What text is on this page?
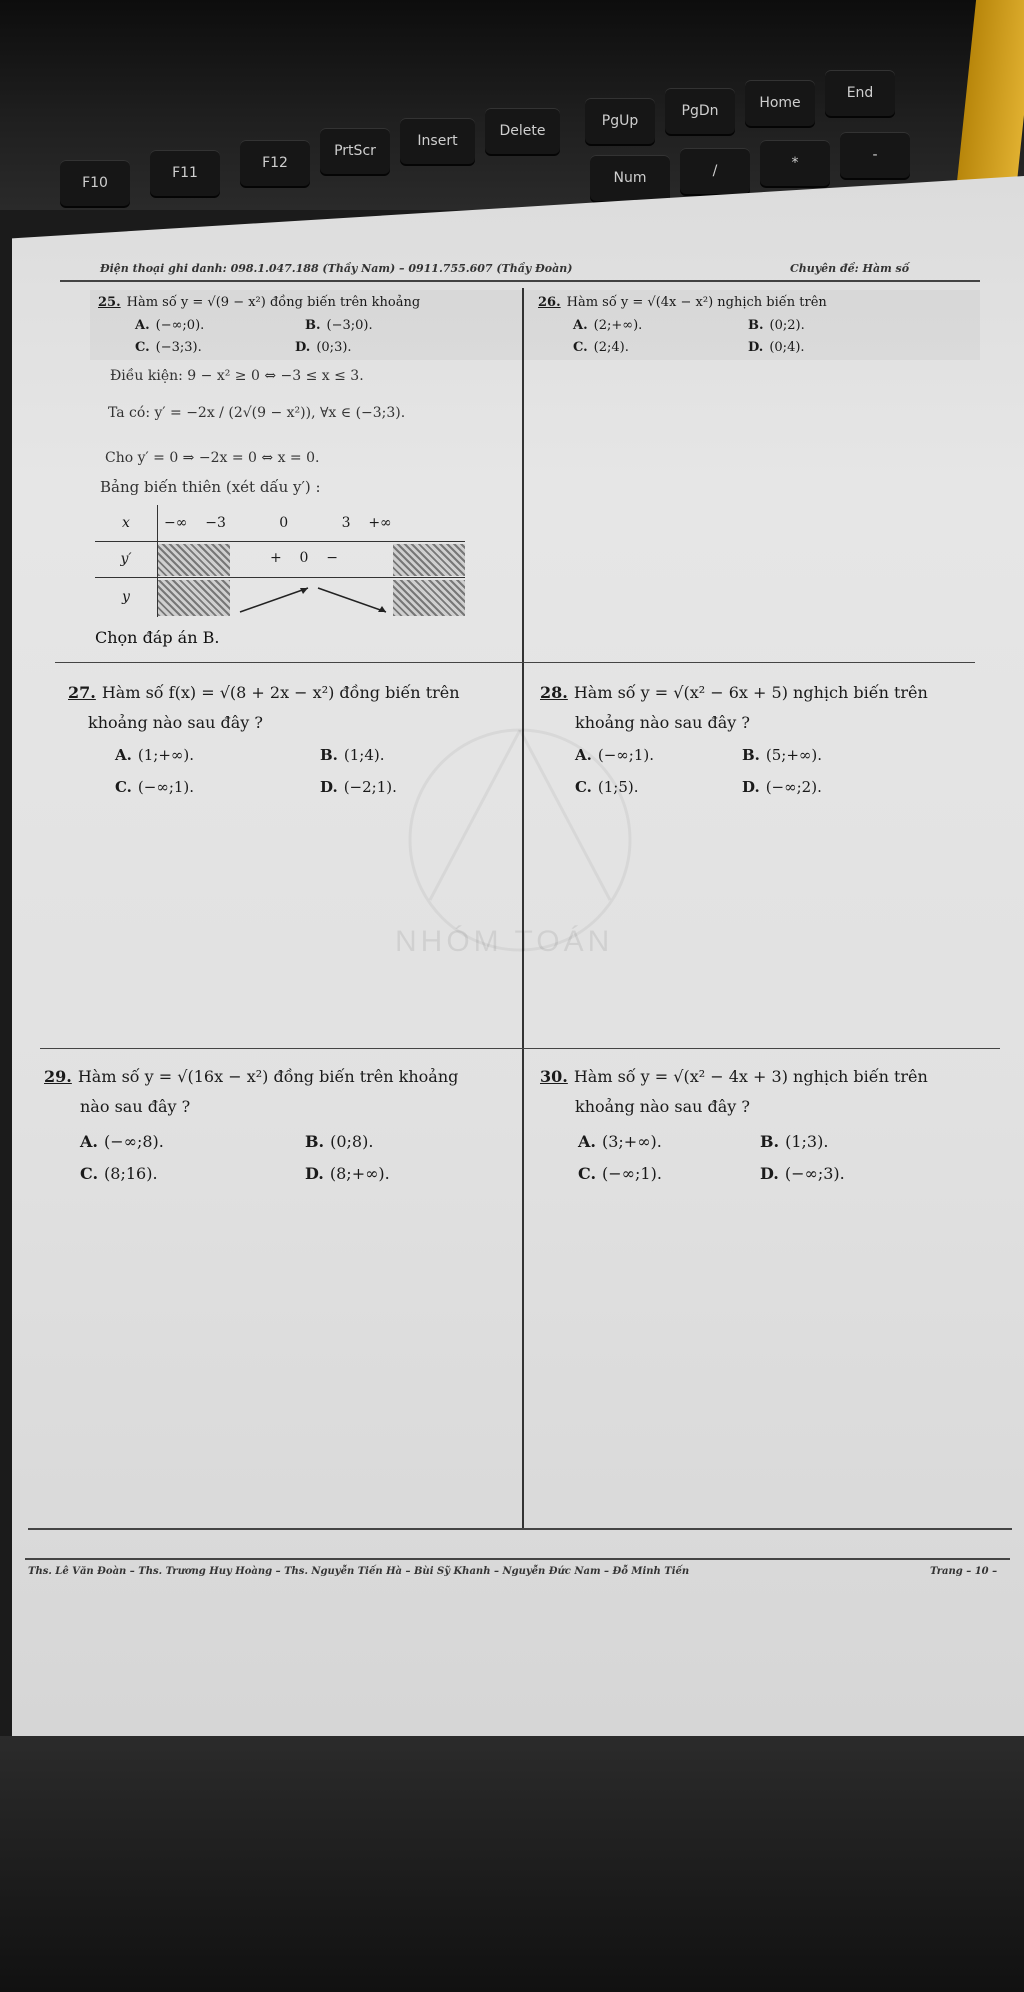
F10
F11
F12
PrtScr
Insert
Delete
PgUp
PgDn	Home
End
Num	/	*	-
Điện thoại ghi danh: 098.1.047.188 (Thầy Nam) – 0911.755.607 (Thầy Đoàn)	Chuyên đề: Hàm số
25. Hàm số y = √(9 − x²) đồng biến trên khoảng
A. (−∞;0).	B. (−3;0).
C. (−3;3).	D. (0;3).
Điều kiện: 9 − x² ≥ 0 ⇔ −3 ≤ x ≤ 3.
Ta có: y′ = −2x / (2√(9 − x²)), ∀x ∈ (−3;3).
Cho y′ = 0 ⇒ −2x = 0 ⇔ x = 0.
Bảng biến thiên (xét dấu y′) :
x	−∞ −3 0 3 +∞
y′	+ 0 −

y	
Chọn đáp án B.
26. Hàm số y = √(4x − x²) nghịch biến trên
A. (2;+∞).	B. (0;2).
C. (2;4).	D. (0;4).
27. Hàm số f(x) = √(8 + 2x − x²) đồng biến trên
khoảng nào sau đây ?
A. (1;+∞).	B. (1;4).
C. (−∞;1).	D. (−2;1).
28. Hàm số y = √(x² − 6x + 5) nghịch biến trên
khoảng nào sau đây ?
A. (−∞;1).	B. (5;+∞).
C. (1;5).	D. (−∞;2).
NHÓM TOÁN
29. Hàm số y = √(16x − x²) đồng biến trên khoảng
nào sau đây ?
A. (−∞;8).	B. (0;8).
C. (8;16).	D. (8;+∞).
30. Hàm số y = √(x² − 4x + 3) nghịch biến trên
khoảng nào sau đây ?
A. (3;+∞).	B. (1;3).
C. (−∞;1).	D. (−∞;3).
Ths. Lê Văn Đoàn – Ths. Trương Huy Hoàng – Ths. Nguyễn Tiến Hà – Bùi Sỹ Khanh – Nguyễn Đức Nam – Đỗ Minh Tiến	Trang – 10 –
